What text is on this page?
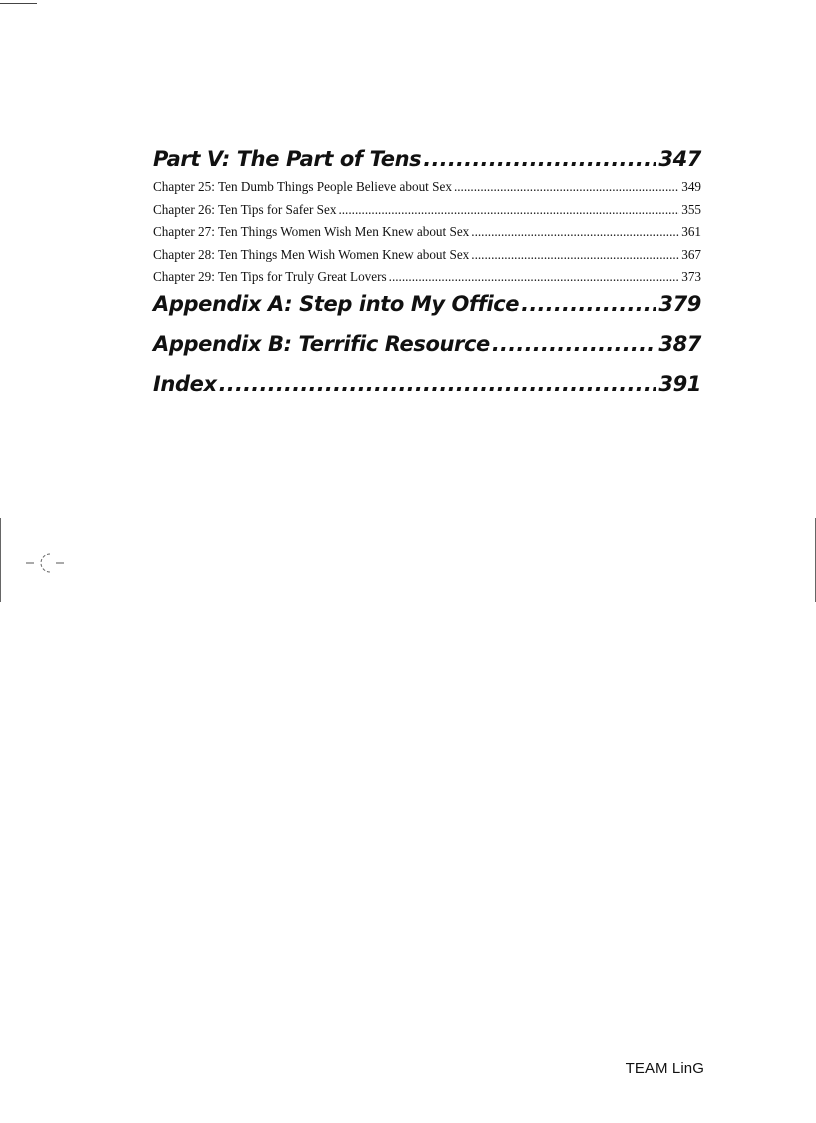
Part V: The Part of Tens .....	347
Chapter 25: Ten Dumb Things People Believe about Sex .....	349
Chapter 26: Ten Tips for Safer Sex .....	355
Chapter 27: Ten Things Women Wish Men Knew about Sex .....	361
Chapter 28: Ten Things Men Wish Women Knew about Sex .....	367
Chapter 29: Ten Tips for Truly Great Lovers .....	373
Appendix A: Step into My Office .....	379
Appendix B: Terrific Resource .....	387
Index .....	391
TEAM LinG
